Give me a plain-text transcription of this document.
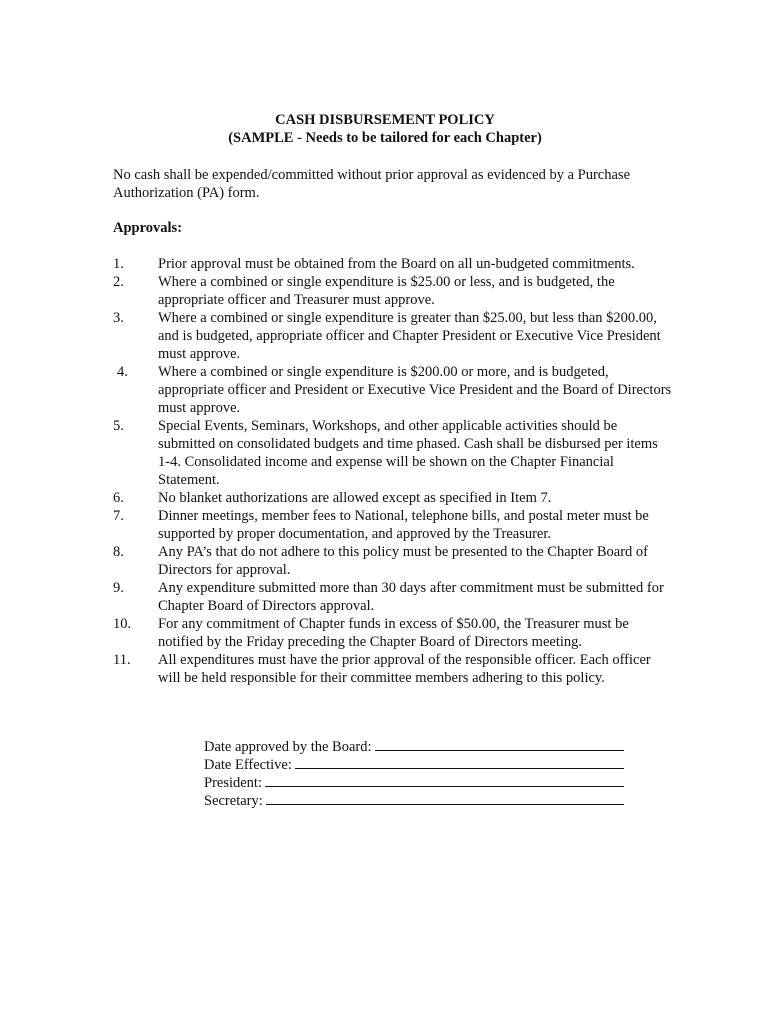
CASH DISBURSEMENT POLICY
(SAMPLE - Needs to be tailored for each Chapter)
No cash shall be expended/committed without prior approval as evidenced by a Purchase Authorization (PA) form.
Approvals:
1.	Prior approval must be obtained from the Board on all un-budgeted commitments.
2.	Where a combined or single expenditure is $25.00 or less, and is budgeted, the appropriate officer and Treasurer must approve.
3.	Where a combined or single expenditure is greater than $25.00, but less than $200.00, and is budgeted, appropriate officer and Chapter President or Executive Vice President must approve.
4.	Where a combined or single expenditure is $200.00 or more, and is budgeted, appropriate officer and President or Executive Vice President and the Board of Directors must approve.
5.	Special Events, Seminars, Workshops, and other applicable activities should be submitted on consolidated budgets and time phased. Cash shall be disbursed per items 1-4. Consolidated income and expense will be shown on the Chapter Financial Statement.
6.	No blanket authorizations are allowed except as specified in Item 7.
7.	Dinner meetings, member fees to National, telephone bills, and postal meter must be supported by proper documentation, and approved by the Treasurer.
8.	Any PA’s that do not adhere to this policy must be presented to the Chapter Board of Directors for approval.
9.	Any expenditure submitted more than 30 days after commitment must be submitted for Chapter Board of Directors approval.
10.	For any commitment of Chapter funds in excess of $50.00, the Treasurer must be notified by the Friday preceding the Chapter Board of Directors meeting.
11.	All expenditures must have the prior approval of the responsible officer. Each officer will be held responsible for their committee members adhering to this policy.
Date approved by the Board:
Date Effective:
President:
Secretary:
